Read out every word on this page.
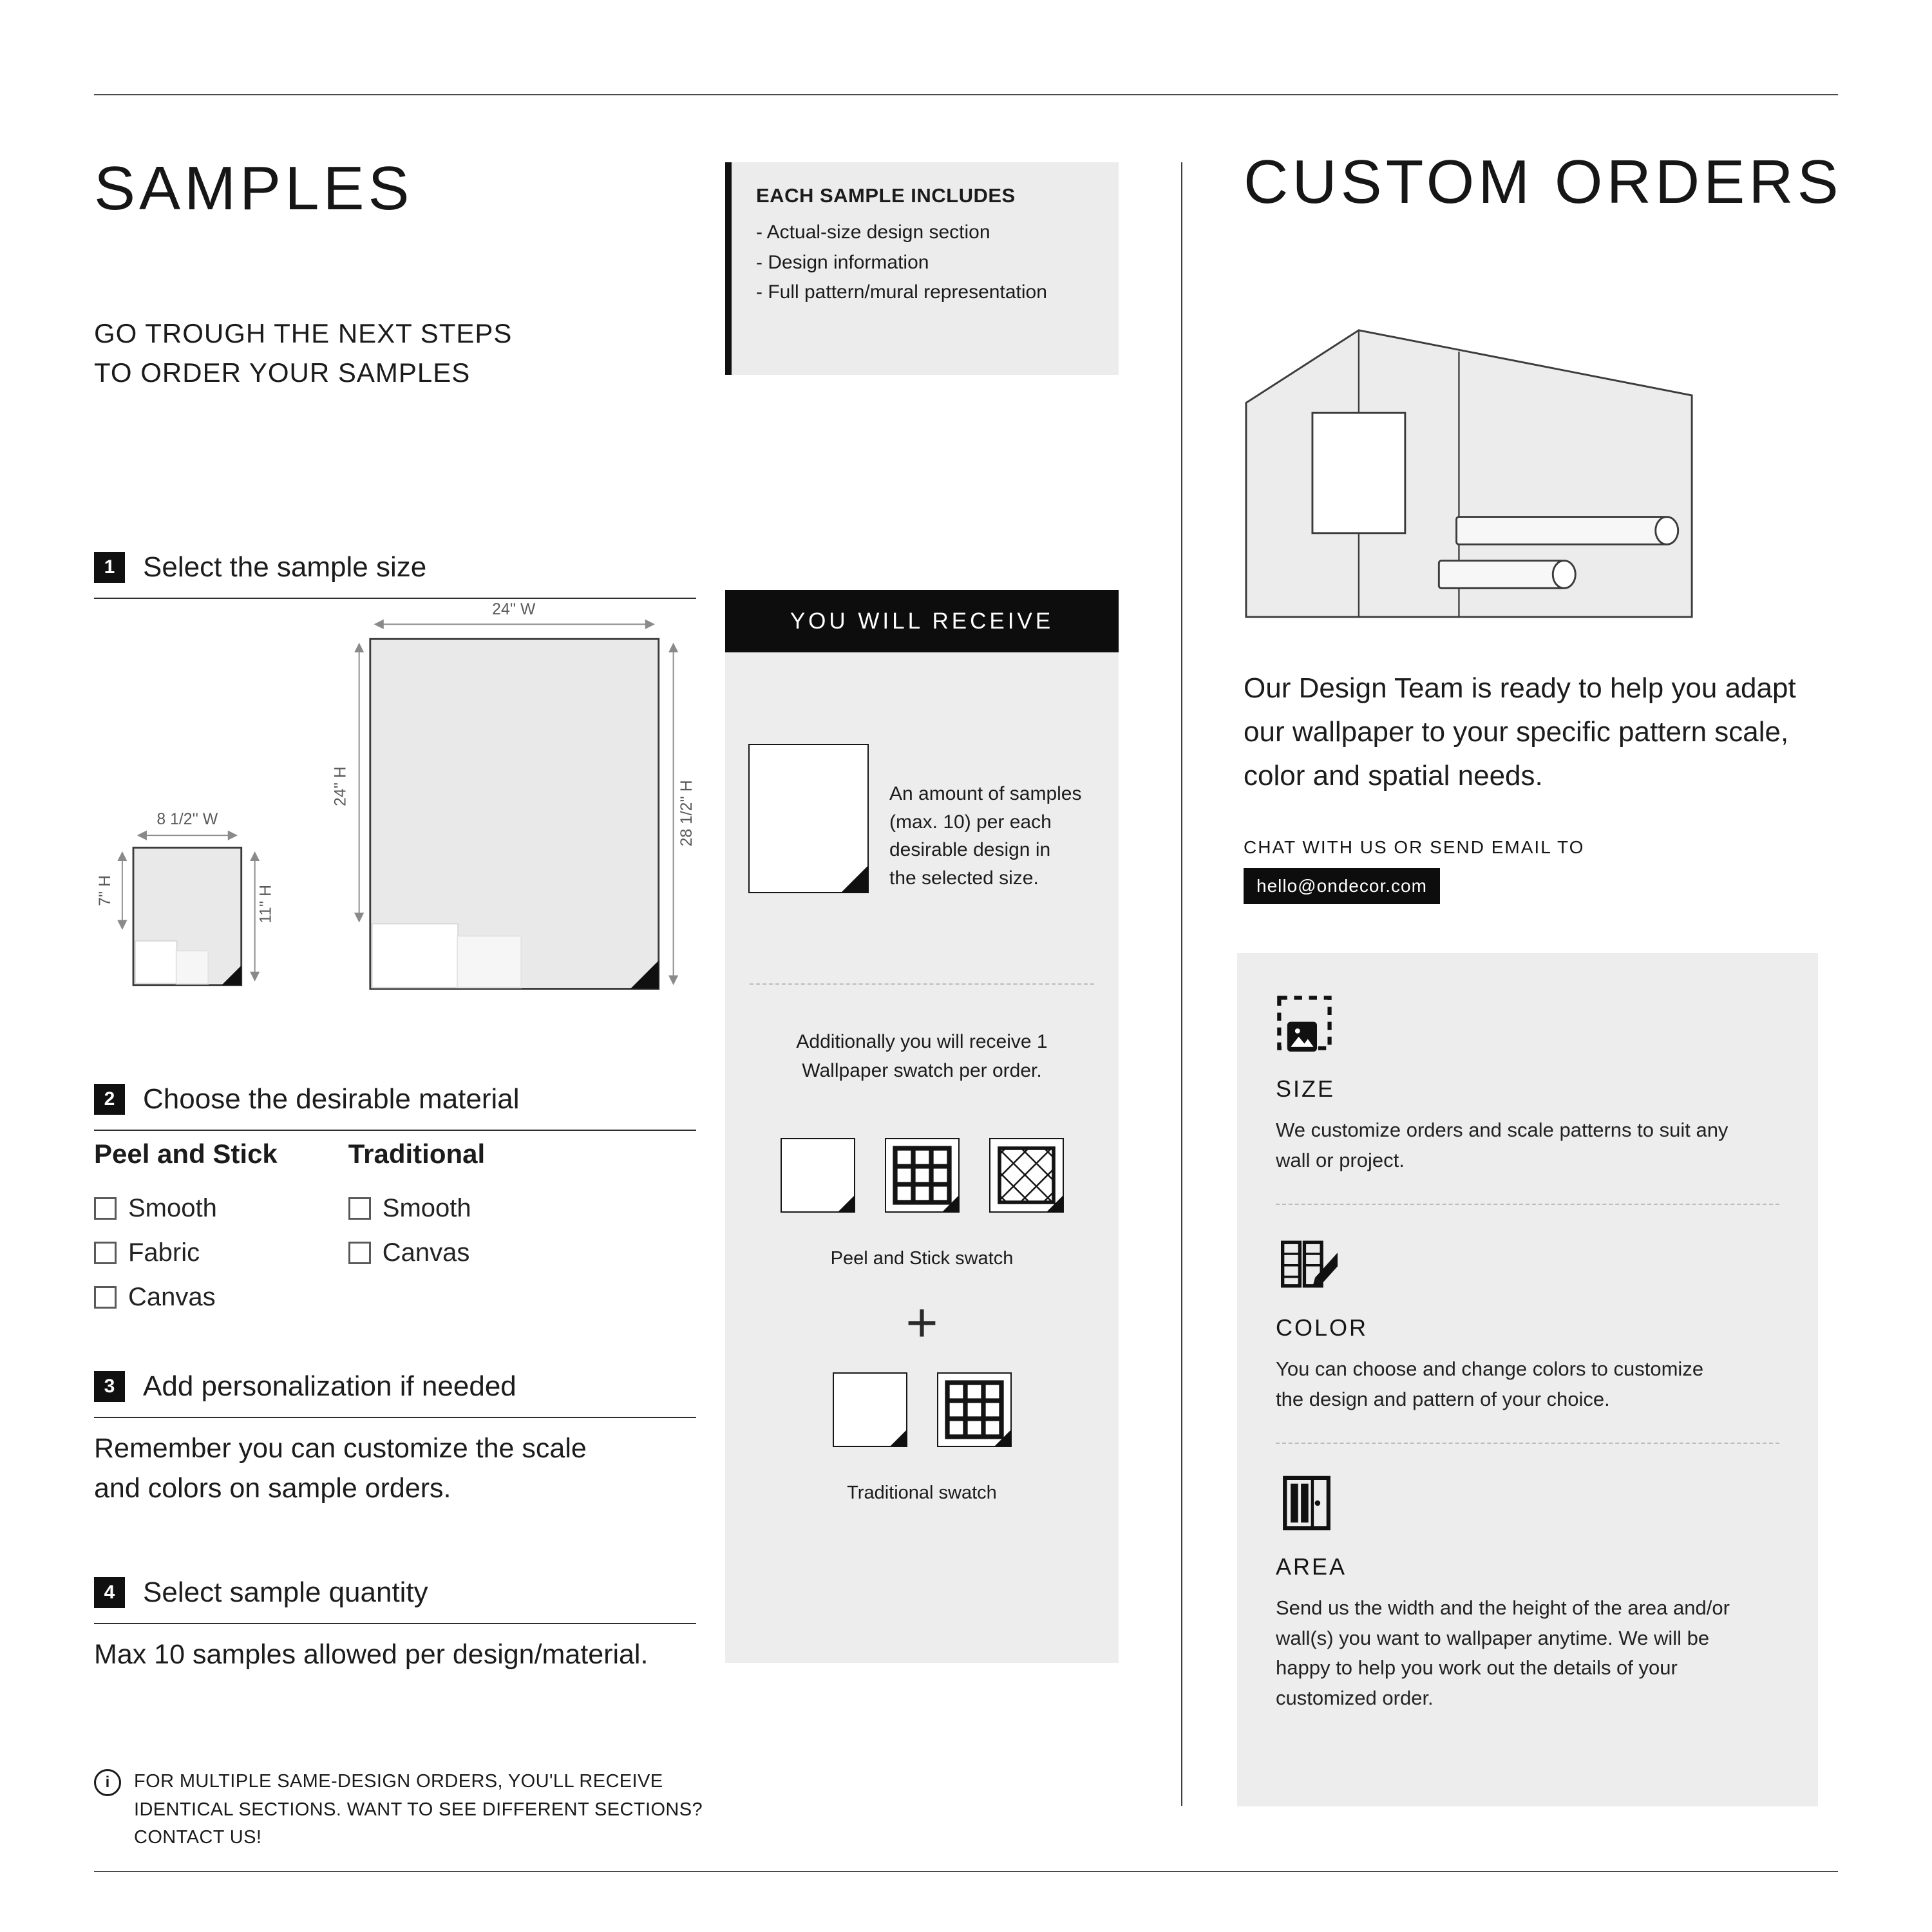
SAMPLES
GO TROUGH THE NEXT STEPS
TO ORDER YOUR SAMPLES
EACH SAMPLE INCLUDES
- Actual-size design section
- Design information
- Full pattern/mural representation
1 Select the sample size
24'' W
24'' H	28 1/2'' H
8 1/2'' W
7'' H	11'' H
2 Choose the desirable material
Peel and Stick
Smooth
Fabric
Canvas
Traditional
Smooth
Canvas
3 Add personalization if needed
Remember you can customize the scale and colors on sample orders.
4 Select sample quantity
Max 10 samples allowed per design/material.
i	FOR MULTIPLE SAME-DESIGN ORDERS, YOU'LL RECEIVE IDENTICAL SECTIONS. WANT TO SEE DIFFERENT SECTIONS? CONTACT US!
YOU WILL RECEIVE
An amount of samples (max. 10) per each desirable design in the selected size.
Additionally you will receive 1 Wallpaper swatch per order.
Peel and Stick swatch
+
Traditional swatch
CUSTOM ORDERS
Our Design Team is ready to help you adapt our wallpaper to your specific pattern scale, color and spatial needs.
CHAT WITH US OR SEND EMAIL TO
hello@ondecor.com
SIZE
We customize orders and scale patterns to suit any wall or project.
COLOR
You can choose and change colors to customize the design and pattern of your choice.
AREA
Send us the width and the height of the area and/or wall(s) you want to wallpaper anytime. We will be happy to help you work out the details of your customized order.
